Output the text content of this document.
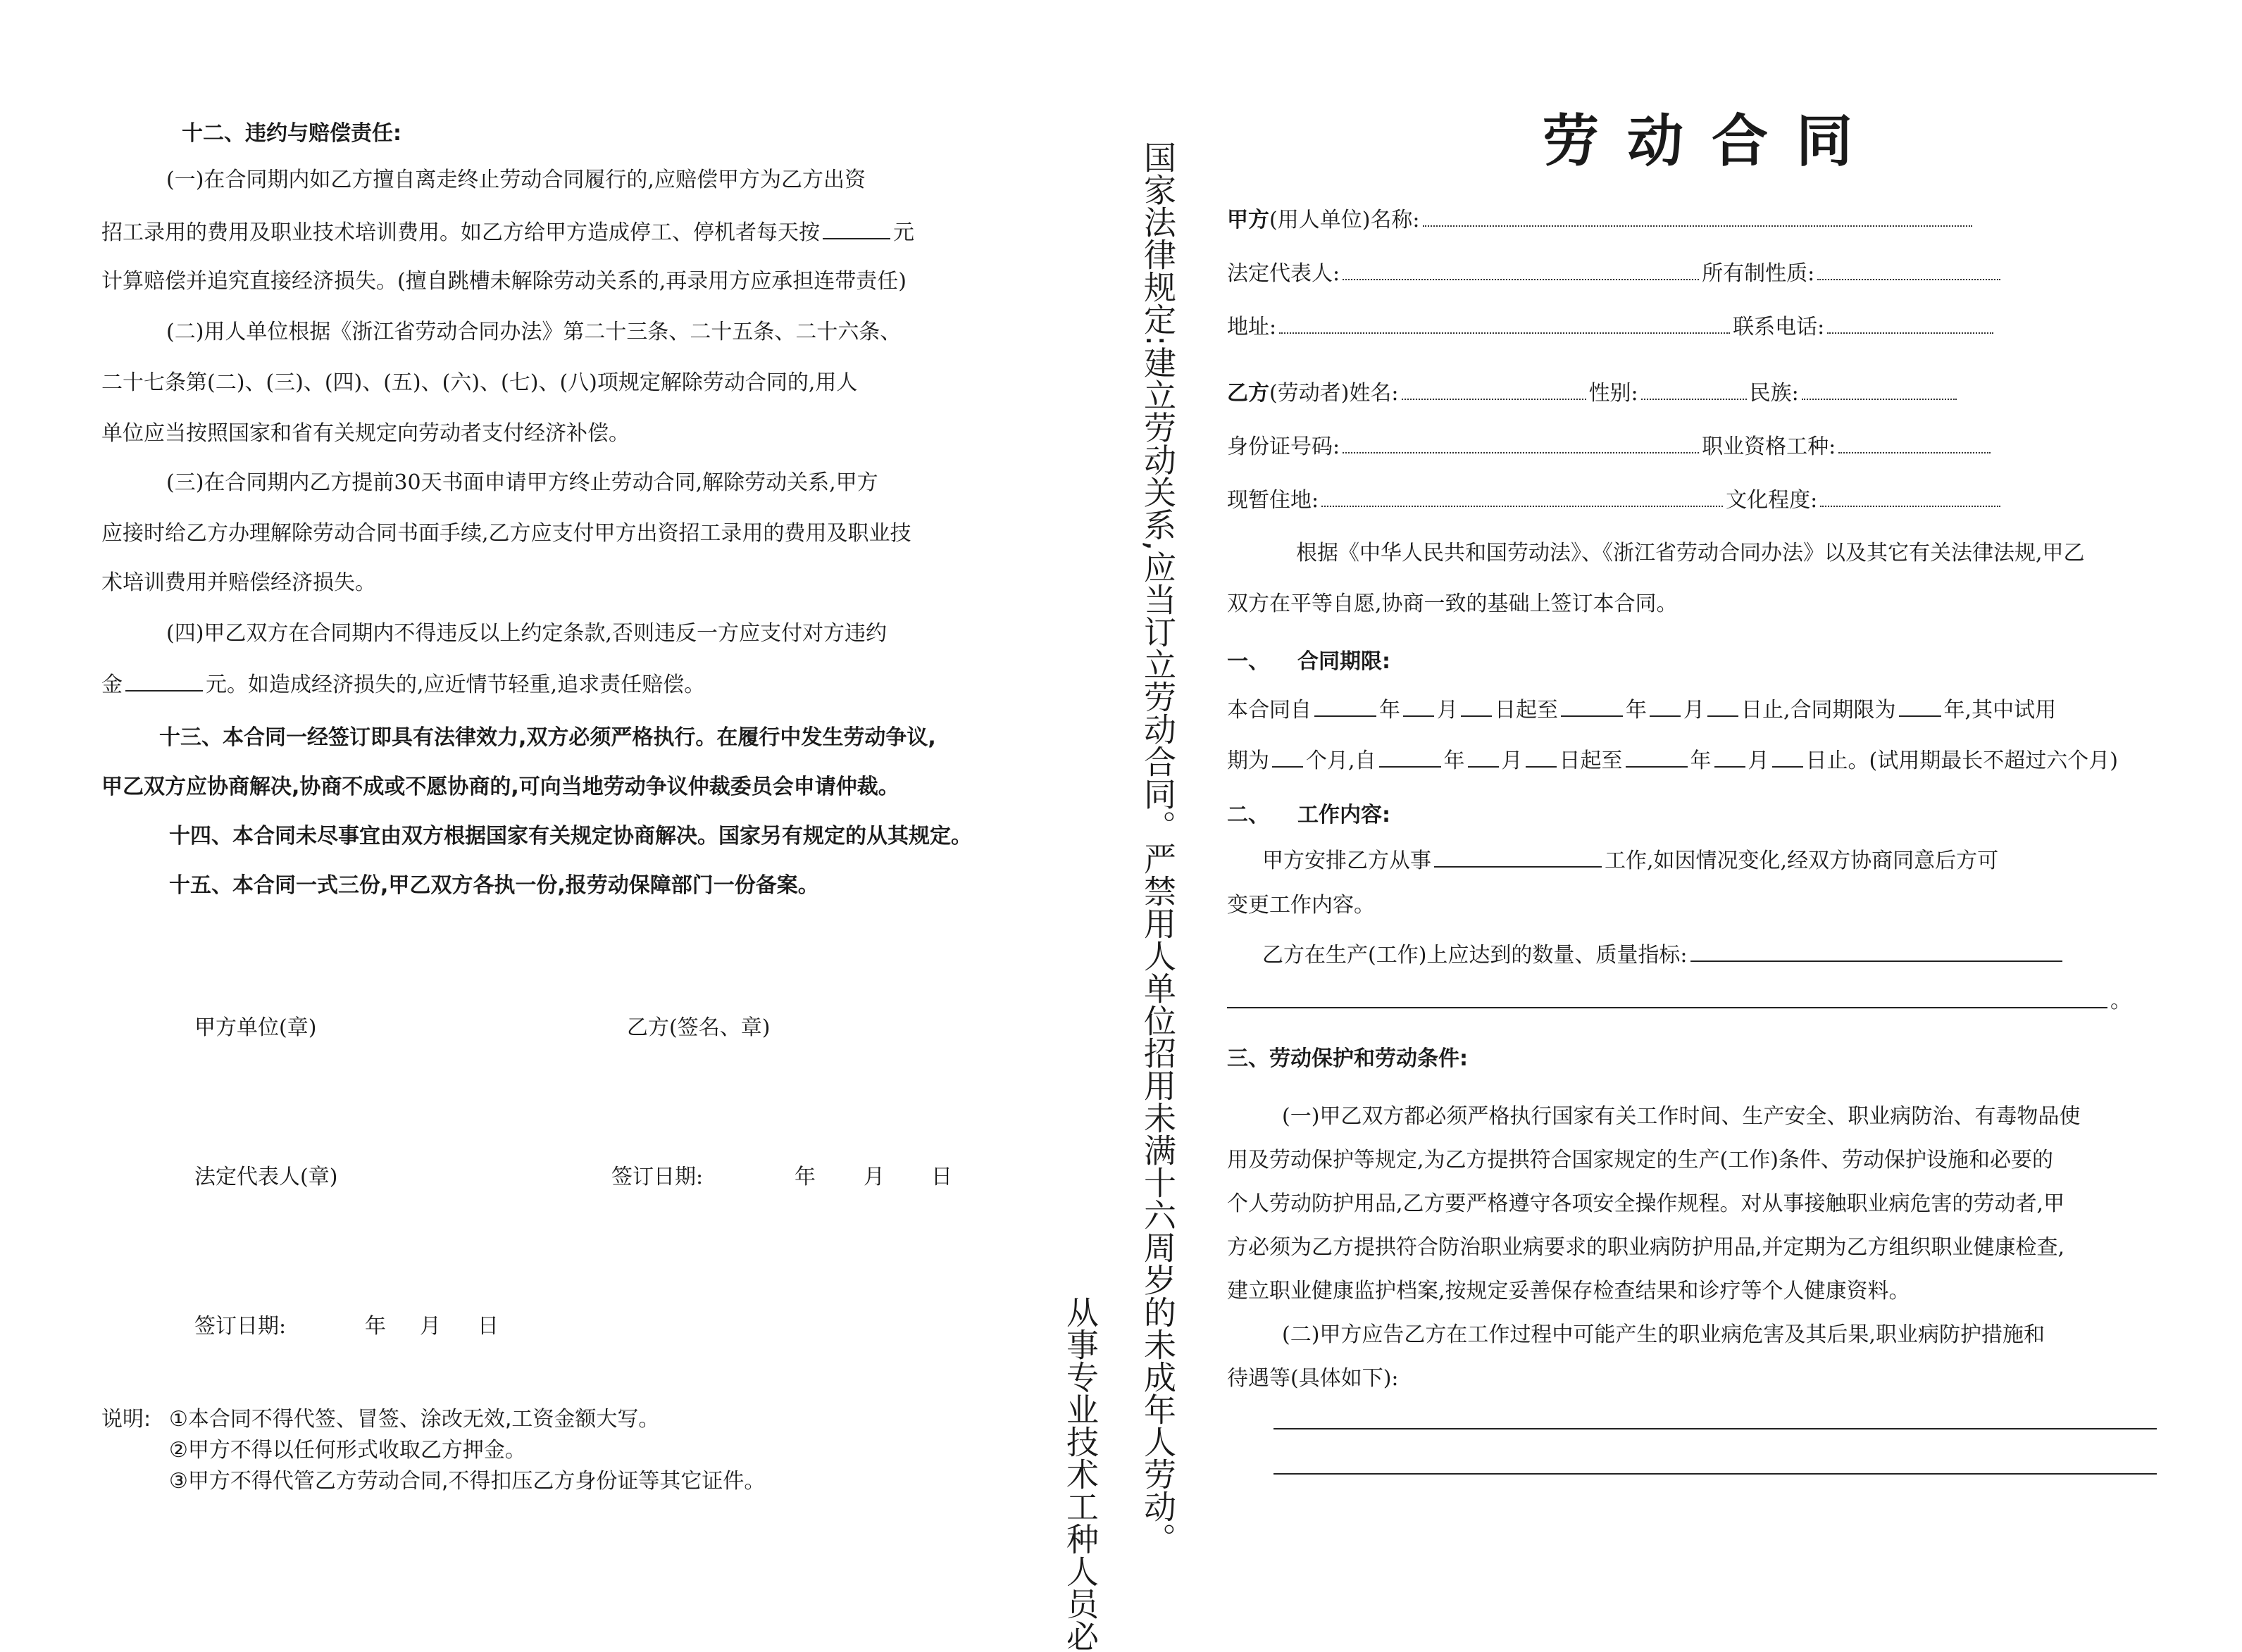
十二、违约与赔偿责任:
(一)在合同期内如乙方擅自离走终止劳动合同履行的,应赔偿甲方为乙方出资
招工录用的费用及职业技术培训费用。如乙方给甲方造成停工、停机者每天按	元
计算赔偿并追究直接经济损失。(擅自跳槽未解除劳动关系的,再录用方应承担连带责任)
(二)用人单位根据《浙江省劳动合同办法》第二十三条、二十五条、二十六条、
二十七条第(二)、(三)、(四)、(五)、(六)、(七)、(八)项规定解除劳动合同的,用人
单位应当按照国家和省有关规定向劳动者支付经济补偿。
(三)在合同期内乙方提前30天书面申请甲方终止劳动合同,解除劳动关系,甲方
应接时给乙方办理解除劳动合同书面手续,乙方应支付甲方出资招工录用的费用及职业技
术培训费用并赔偿经济损失。
(四)甲乙双方在合同期内不得违反以上约定条款,否则违反一方应支付对方违约
金	元。如造成经济损失的,应近情节轻重,追求责任赔偿。
十三、本合同一经签订即具有法律效力,双方必须严格执行。在履行中发生劳动争议,
甲乙双方应协商解决,协商不成或不愿协商的,可向当地劳动争议仲裁委员会申请仲裁。
十四、本合同未尽事宜由双方根据国家有关规定协商解决。国家另有规定的从其规定。
十五、本合同一式三份,甲乙双方各执一份,报劳动保障部门一份备案。
甲方单位(章)	乙方(签名、章)
法定代表人(章)	签订日期:	年 月 日
签订日期:	年 月 日
说明: ①本合同不得代签、冒签、涂改无效,工资金额大写。
②甲方不得以任何形式收取乙方押金。
③甲方不得代管乙方劳动合同,不得扣压乙方身份证等其它证件。	国家法律规定:建立劳动关系,应当订立劳动合同。严禁用人单位招用未满十六周岁的未成年人劳动。
从事专业技术工种人员必
劳动合同
甲方(用人单位)名称:
法定代表人:	所有制性质:
地址:	联系电话:
乙方(劳动者)姓名:	性别:	民族:
身份证号码:	职业资格工种:
现暂住地:	文化程度:
根据《中华人民共和国劳动法》、《浙江省劳动合同办法》以及其它有关法律法规,甲乙
双方在平等自愿,协商一致的基础上签订本合同。
一、 合同期限:
本合同自	年 月 日起至	年 月 日止,合同期限为 年,其中试用
期为 个月,自	年 月 日起至	年 月 日止。(试用期最长不超过六个月)
二、 工作内容:
甲方安排乙方从事	工作,如因情况变化,经双方协商同意后方可
变更工作内容。
乙方在生产(工作)上应达到的数量、质量指标:
。
三、劳动保护和劳动条件:
(一)甲乙双方都必须严格执行国家有关工作时间、生产安全、职业病防治、有毒物品使
用及劳动保护等规定,为乙方提拱符合国家规定的生产(工作)条件、劳动保护设施和必要的
个人劳动防护用品,乙方要严格遵守各项安全操作规程。对从事接触职业病危害的劳动者,甲
方必须为乙方提拱符合防治职业病要求的职业病防护用品,并定期为乙方组织职业健康检查,
建立职业健康监护档案,按规定妥善保存检查结果和诊疗等个人健康资料。
(二)甲方应告乙方在工作过程中可能产生的职业病危害及其后果,职业病防护措施和
待遇等(具体如下):
